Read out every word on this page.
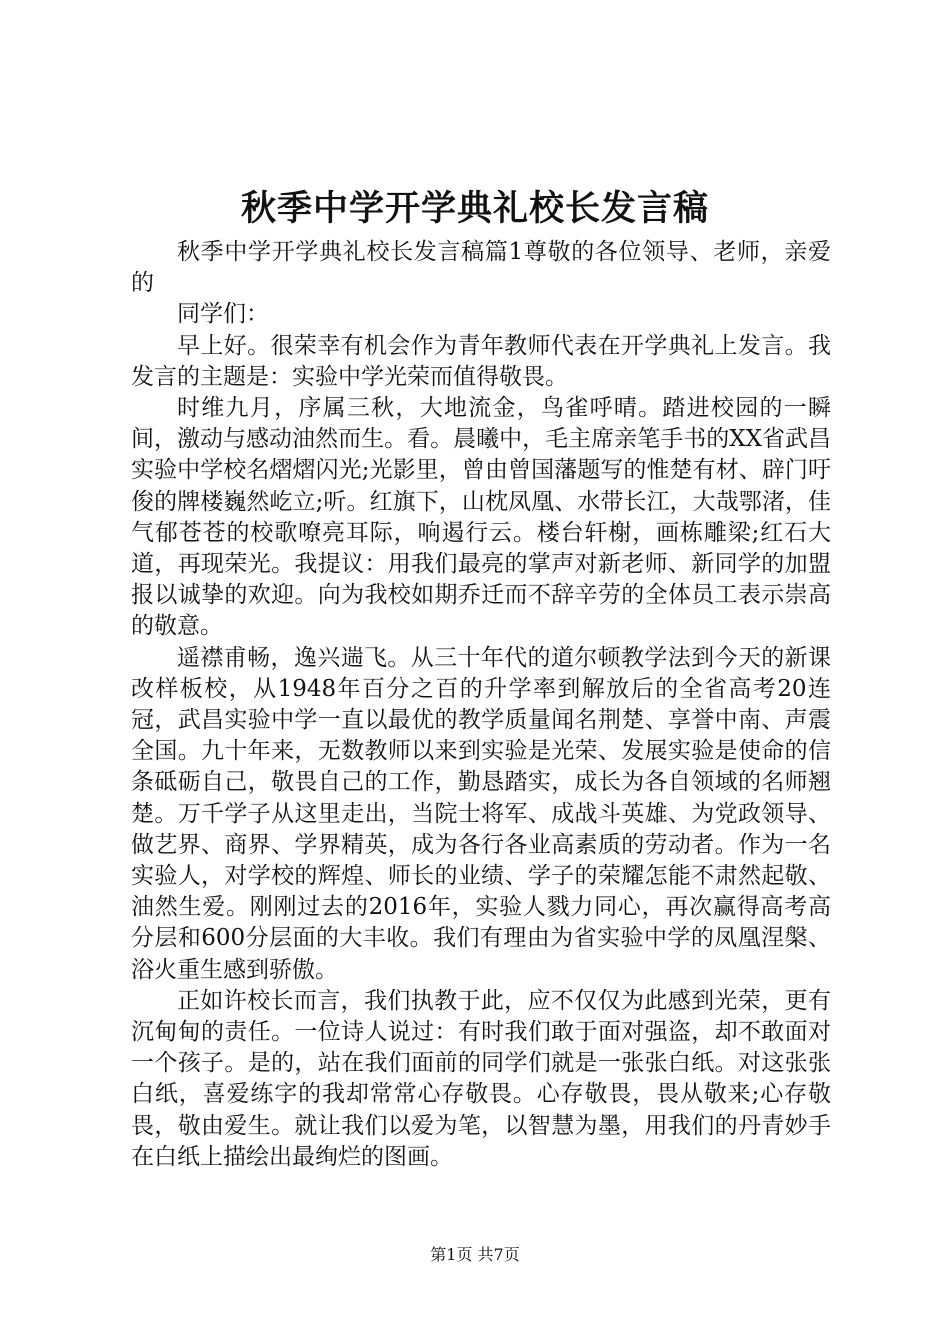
秋季中学开学典礼校长发言稿

秋季中学开学典礼校长发言稿篇1尊敬的各位领导、老师，亲爱的

同学们：

早上好。很荣幸有机会作为青年教师代表在开学典礼上发言。我发言的主题是：实验中学光荣而值得敬畏。

时维九月，序属三秋，大地流金，鸟雀呼晴。踏进校园的一瞬间，激动与感动油然而生。看。晨曦中，毛主席亲笔手书的XX省武昌实验中学校名熠熠闪光;光影里，曾由曾国藩题写的惟楚有材、辟门吁俊的牌楼巍然屹立;听。红旗下，山枕凤凰、水带长江，大哉鄂渚，佳气郁苍苍的校歌嘹亮耳际，响遏行云。楼台轩榭，画栋雕梁;红石大道，再现荣光。我提议：用我们最亮的掌声对新老师、新同学的加盟报以诚挚的欢迎。向为我校如期乔迁而不辞辛劳的全体员工表示崇高的敬意。

遥襟甫畅，逸兴遄飞。从三十年代的道尔顿教学法到今天的新课改样板校，从1948年百分之百的升学率到解放后的全省高考20连冠，武昌实验中学一直以最优的教学质量闻名荆楚、享誉中南、声震全国。九十年来，无数教师以来到实验是光荣、发展实验是使命的信条砥砺自己，敬畏自己的工作，勤恳踏实，成长为各自领域的名师翘楚。万千学子从这里走出，当院士将军、成战斗英雄、为党政领导、做艺界、商界、学界精英，成为各行各业高素质的劳动者。作为一名实验人，对学校的辉煌、师长的业绩、学子的荣耀怎能不肃然起敬、油然生爱。刚刚过去的2016年，实验人戮力同心，再次赢得高考高分层和600分层面的大丰收。我们有理由为省实验中学的凤凰涅槃、浴火重生感到骄傲。

正如许校长而言，我们执教于此，应不仅仅为此感到光荣，更有沉甸甸的责任。一位诗人说过：有时我们敢于面对强盗，却不敢面对一个孩子。是的，站在我们面前的同学们就是一张张白纸。对这张张白纸，喜爱练字的我却常常心存敬畏。心存敬畏，畏从敬来;心存敬畏，敬由爱生。就让我们以爱为笔，以智慧为墨，用我们的丹青妙手在白纸上描绘出最绚烂的图画。

第1页 共7页
